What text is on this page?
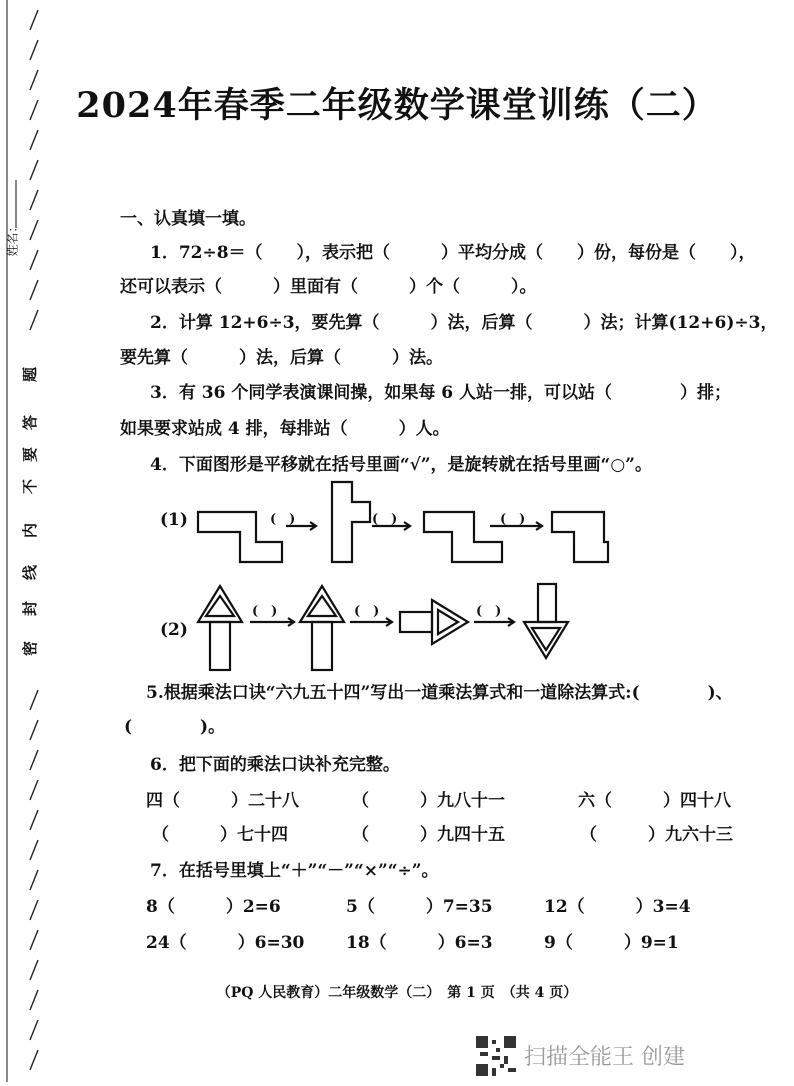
姓名：
题
答
要
不
内
线
封
密
2024年春季二年级数学课堂训练（二）
一、认真填一填。
1．72÷8＝（　　），表示把（　　　）平均分成（　　）份，每份是（　　），
还可以表示（　　　）里面有（　　　）个（　　　）。
2．计算 12+6÷3，要先算（　　　）法，后算（　　　）法；计算(12+6)÷3，
要先算（　　　）法，后算（　　　）法。
3．有 36 个同学表演课间操，如果每 6 人站一排，可以站（　　　　）排；
如果要求站成 4 排，每排站（　　　）人。
4．下面图形是平移就在括号里画“√”，是旋转就在括号里画“○”。
(1)	(　)	(　)	(　)
(2)
(　)	(　)	(　)
5.根据乘法口诀“六九五十四”写出一道乘法算式和一道除法算式:(　　　　)、
(　　　　)。
6．把下面的乘法口诀补充完整。
四（　　　）二十八	（　　　）九八十一	六（　　　）四十八
（　　　）七十四	（　　　）九四十五	（　　　）九六十三
7．在括号里填上“＋”“－”“×”“÷”。
8（　　　）2=6	5（　　　）7=35	12（　　　）3=4
24（　　　）6=30 18（　　　）6=3	9（　　　）9=1
（PQ 人民教育）二年级数学（二）　第 1 页　（共 4 页）
扫描全能王 创建
